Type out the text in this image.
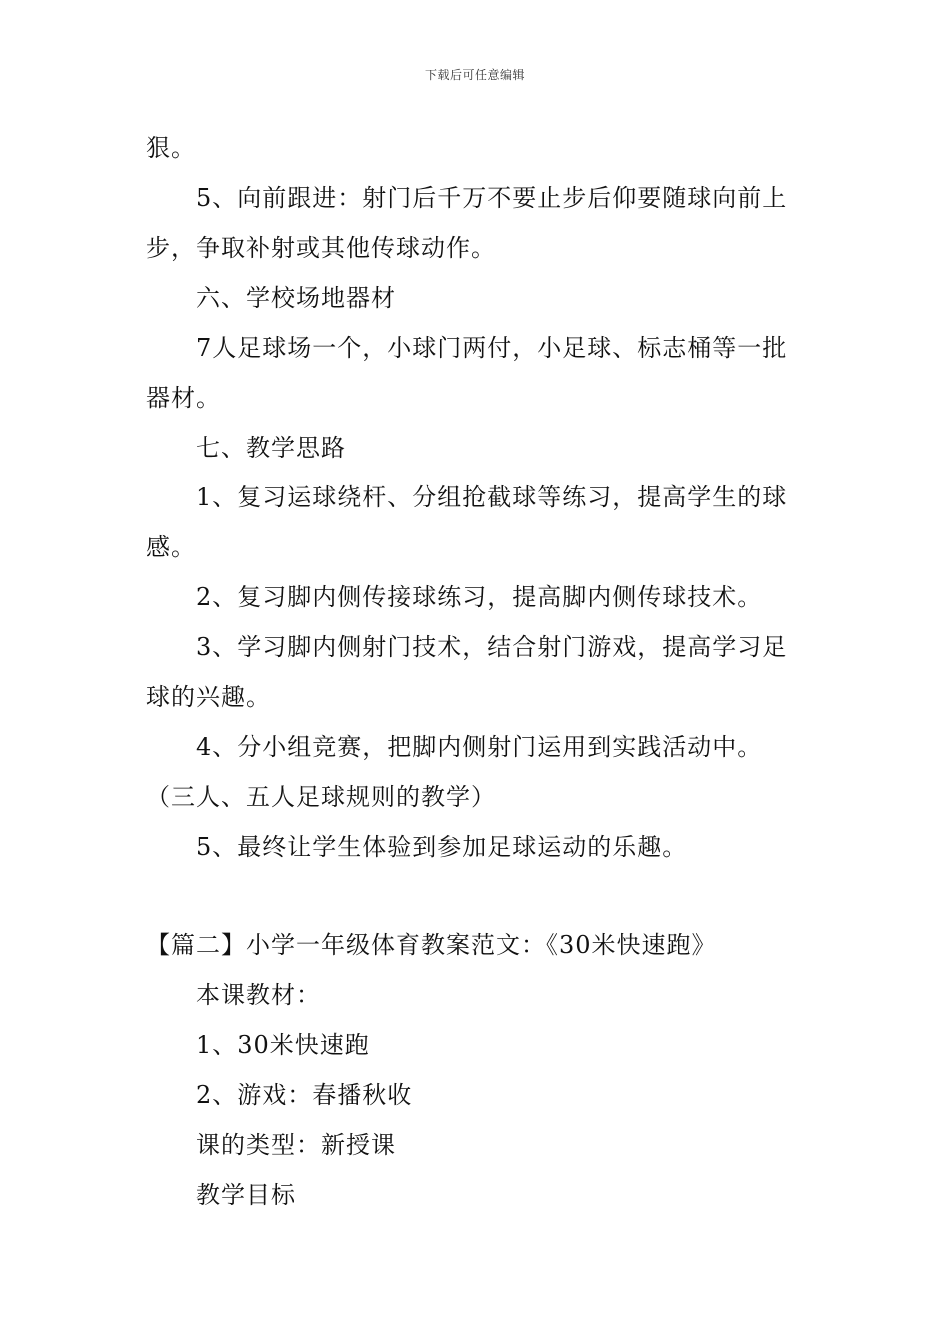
下载后可任意编辑
狠。
5、向前跟进：射门后千万不要止步后仰要随球向前上
步，争取补射或其他传球动作。
六、学校场地器材
7人足球场一个，小球门两付，小足球、标志桶等一批
器材。
七、教学思路
1、复习运球绕杆、分组抢截球等练习，提高学生的球
感。
2、复习脚内侧传接球练习，提高脚内侧传球技术。
3、学习脚内侧射门技术，结合射门游戏，提高学习足
球的兴趣。
4、分小组竞赛，把脚内侧射门运用到实践活动中。
（三人、五人足球规则的教学）
5、最终让学生体验到参加足球运动的乐趣。
【篇二】小学一年级体育教案范文：《30米快速跑》
本课教材：
1、30米快速跑
2、游戏：春播秋收
课的类型：新授课
教学目标
